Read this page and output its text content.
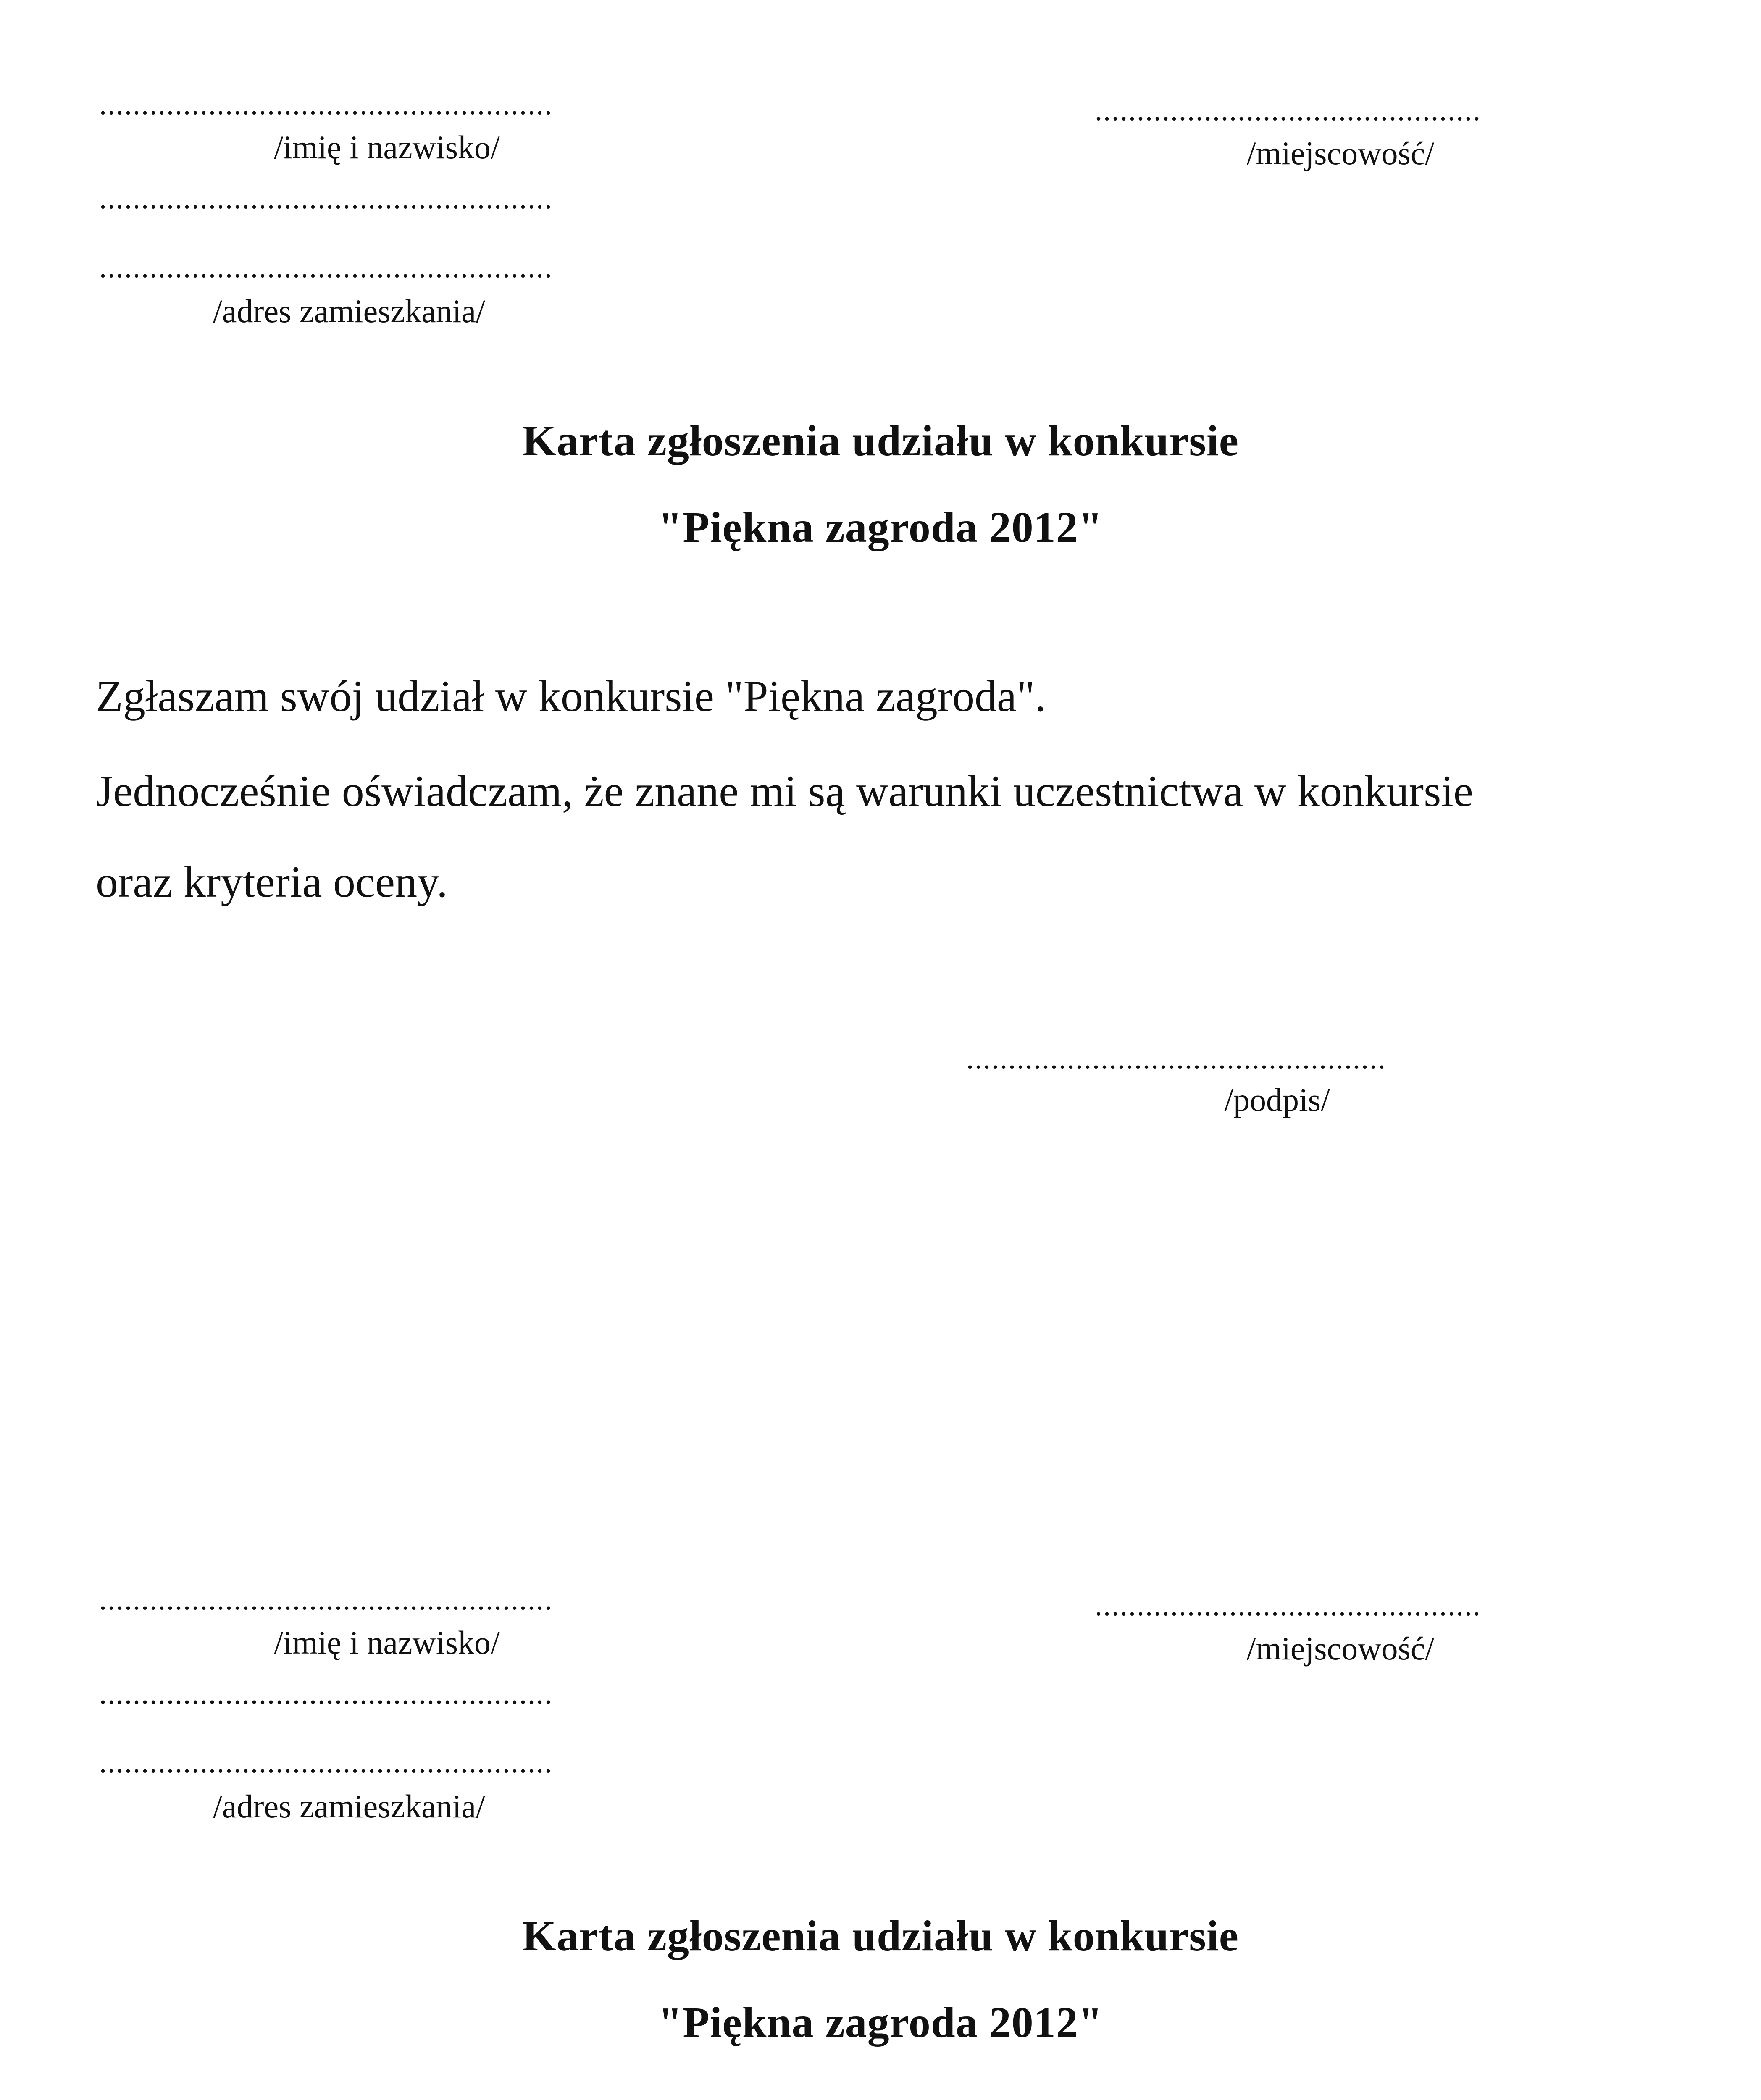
......................................................
/imię i nazwisko/
......................................................
......................................................
/adres zamieszkania/
..............................................
/miejscowość/
Karta zgłoszenia udziału w konkursie
"Piękna zagroda 2012"
Zgłaszam swój udział w konkursie "Piękna zagroda".
Jednocześnie oświadczam, że znane mi są warunki uczestnictwa w konkursie
oraz kryteria oceny.
..................................................
/podpis/
......................................................
/imię i nazwisko/
......................................................
......................................................
/adres zamieszkania/
..............................................
/miejscowość/
Karta zgłoszenia udziału w konkursie
"Piękna zagroda 2012"
